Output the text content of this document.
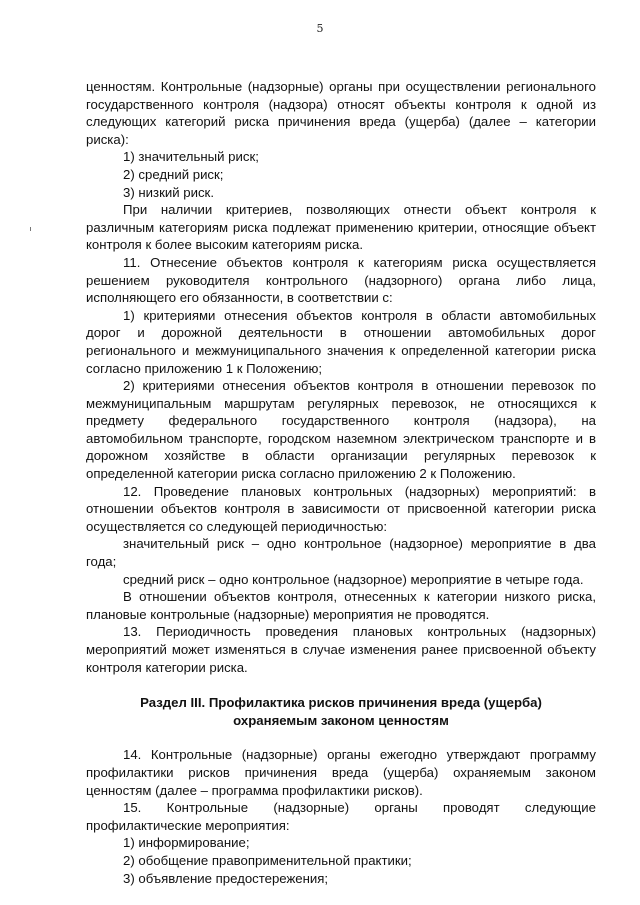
5

ценностям. Контрольные (надзорные) органы при осуществлении регионального

государственного контроля (надзора) относят объекты контроля к одной из

следующих категорий риска причинения вреда (ущерба) (далее – категории

риска):

1) значительный риск;

2) средний риск;

3) низкий риск.

При наличии критериев, позволяющих отнести объект контроля к

различным категориям риска подлежат применению критерии, относящие объект

контроля к более высоким категориям риска.

11. Отнесение объектов контроля к категориям риска осуществляется

решением руководителя контрольного (надзорного) органа либо лица,

исполняющего его обязанности, в соответствии с:

1) критериями отнесения объектов контроля в области автомобильных

дорог и дорожной деятельности в отношении автомобильных дорог

регионального и межмуниципального значения к определенной категории риска

согласно приложению 1 к Положению;

2) критериями отнесения объектов контроля в отношении перевозок по

межмуниципальным маршрутам регулярных перевозок, не относящихся к

предмету федерального государственного контроля (надзора), на

автомобильном транспорте, городском наземном электрическом транспорте и в

дорожном хозяйстве в области организации регулярных перевозок к

определенной категории риска согласно приложению 2 к Положению.

12. Проведение плановых контрольных (надзорных) мероприятий: в

отношении объектов контроля в зависимости от присвоенной категории риска

осуществляется со следующей периодичностью:

значительный риск – одно контрольное (надзорное) мероприятие в два

года;

средний риск – одно контрольное (надзорное) мероприятие в четыре года.

В отношении объектов контроля, отнесенных к категории низкого риска,

плановые контрольные (надзорные) мероприятия не проводятся.

13. Периодичность проведения плановых контрольных (надзорных)

мероприятий может изменяться в случае изменения ранее присвоенной объекту

контроля категории риска.

Раздел III. Профилактика рисков причинения вреда (ущерба)

охраняемым законом ценностям

14. Контрольные (надзорные) органы ежегодно утверждают программу

профилактики рисков причинения вреда (ущерба) охраняемым законом

ценностям (далее – программа профилактики рисков).

15. Контрольные (надзорные) органы проводят следующие

профилактические мероприятия:

1) информирование;

2) обобщение правоприменительной практики;

3) объявление предостережения;
